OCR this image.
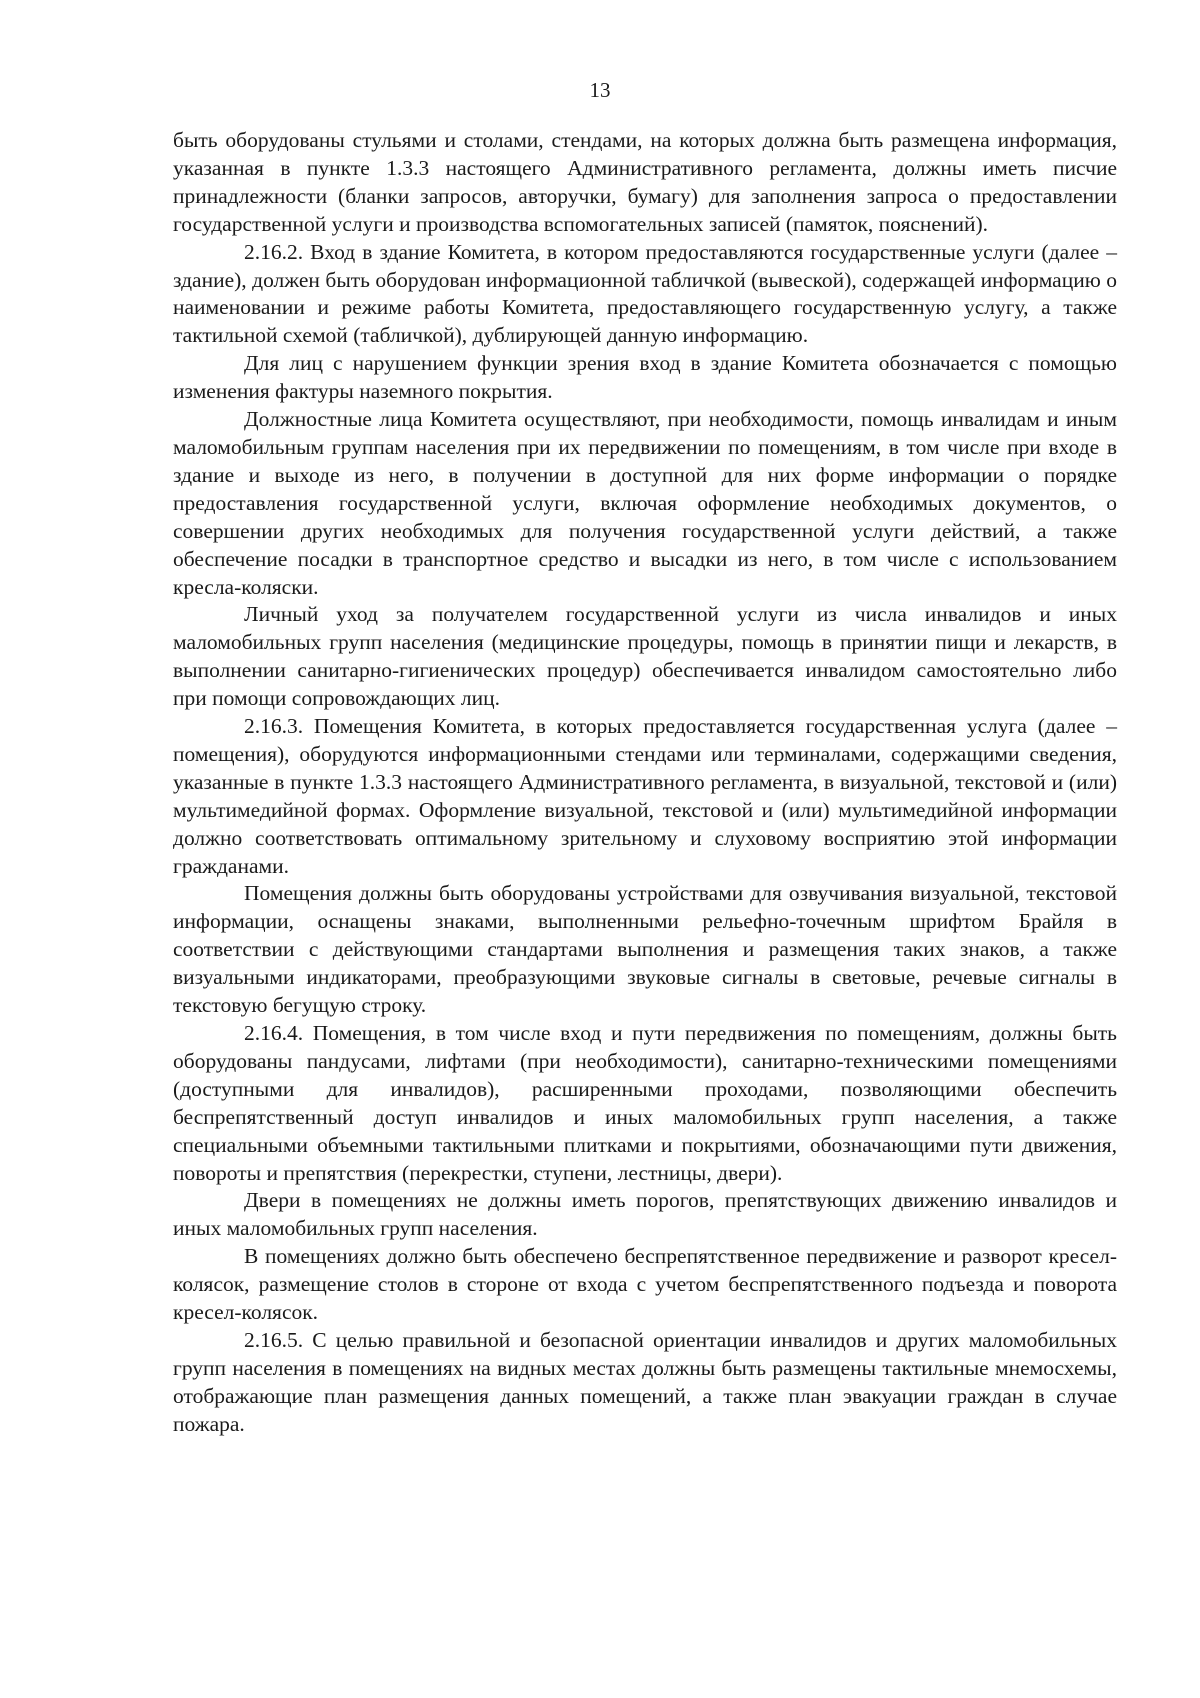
13

быть оборудованы стульями и столами, стендами, на которых должна быть размещена информация, указанная в пункте 1.3.3 настоящего Административного регламента, должны иметь писчие принадлежности (бланки запросов, авторучки, бумагу) для заполнения запроса о предоставлении государственной услуги и производства вспомогательных записей (памяток, пояснений).

2.16.2. Вход в здание Комитета, в котором предоставляются государственные услуги (далее – здание), должен быть оборудован информационной табличкой (вывеской), содержащей информацию о наименовании и режиме работы Комитета, предоставляющего государственную услугу, а также тактильной схемой (табличкой), дублирующей данную информацию.

Для лиц с нарушением функции зрения вход в здание Комитета обозначается с помощью изменения фактуры наземного покрытия.

Должностные лица Комитета осуществляют, при необходимости, помощь инвалидам и иным маломобильным группам населения при их передвижении по помещениям, в том числе при входе в здание и выходе из него, в получении в доступной для них форме информации о порядке предоставления государственной услуги, включая оформление необходимых документов, о совершении других необходимых для получения государственной услуги действий, а также обеспечение посадки в транспортное средство и высадки из него, в том числе с использованием кресла-коляски.

Личный уход за получателем государственной услуги из числа инвалидов и иных маломобильных групп населения (медицинские процедуры, помощь в принятии пищи и лекарств, в выполнении санитарно-гигиенических процедур) обеспечивается инвалидом самостоятельно либо при помощи сопровождающих лиц.

2.16.3. Помещения Комитета, в которых предоставляется государственная услуга (далее – помещения), оборудуются информационными стендами или терминалами, содержащими сведения, указанные в пункте 1.3.3 настоящего Административного регламента, в визуальной, текстовой и (или) мультимедийной формах. Оформление визуальной, текстовой и (или) мультимедийной информации должно соответствовать оптимальному зрительному и слуховому восприятию этой информации гражданами.

Помещения должны быть оборудованы устройствами для озвучивания визуальной, текстовой информации, оснащены знаками, выполненными рельефно-точечным шрифтом Брайля в соответствии с действующими стандартами выполнения и размещения таких знаков, а также визуальными индикаторами, преобразующими звуковые сигналы в световые, речевые сигналы в текстовую бегущую строку.

2.16.4. Помещения, в том числе вход и пути передвижения по помещениям, должны быть оборудованы пандусами, лифтами (при необходимости), санитарно-техническими помещениями (доступными для инвалидов), расширенными проходами, позволяющими обеспечить беспрепятственный доступ инвалидов и иных маломобильных групп населения, а также специальными объемными тактильными плитками и покрытиями, обозначающими пути движения, повороты и препятствия (перекрестки, ступени, лестницы, двери).

Двери в помещениях не должны иметь порогов, препятствующих движению инвалидов и иных маломобильных групп населения.

В помещениях должно быть обеспечено беспрепятственное передвижение и разворот кресел-колясок, размещение столов в стороне от входа с учетом беспрепятственного подъезда и поворота кресел-колясок.

2.16.5. С целью правильной и безопасной ориентации инвалидов и других маломобильных групп населения в помещениях на видных местах должны быть размещены тактильные мнемосхемы, отображающие план размещения данных помещений, а также план эвакуации граждан в случае пожара.
